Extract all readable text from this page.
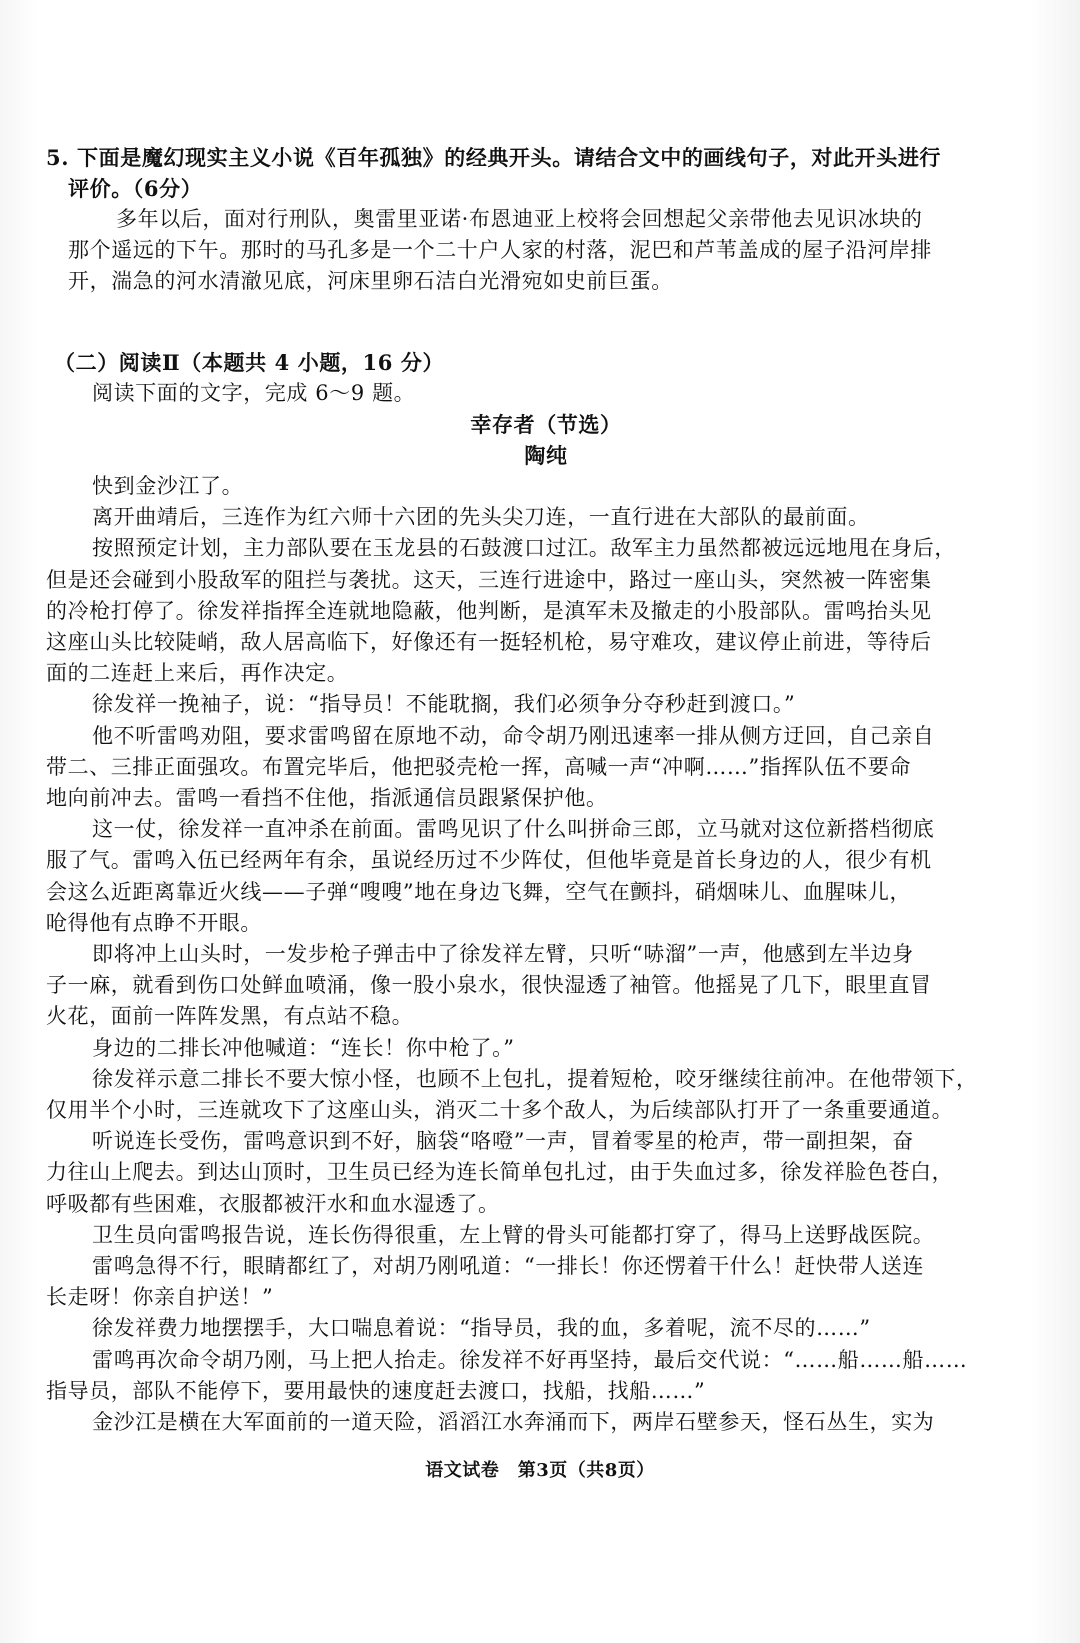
5. 下面是魔幻现实主义小说《百年孤独》的经典开头。请结合文中的画线句子，对此开头进行
评价。（6分）
多年以后，面对行刑队，奥雷里亚诺·布恩迪亚上校将会回想起父亲带他去见识冰块的
那个遥远的下午。那时的马孔多是一个二十户人家的村落，泥巴和芦苇盖成的屋子沿河岸排
开，湍急的河水清澈见底，河床里卵石洁白光滑宛如史前巨蛋。
（二）阅读Ⅱ（本题共 4 小题，16 分）
阅读下面的文字，完成 6～9 题。
幸存者（节选）
陶纯
快到金沙江了。
离开曲靖后，三连作为红六师十六团的先头尖刀连，一直行进在大部队的最前面。
按照预定计划，主力部队要在玉龙县的石鼓渡口过江。敌军主力虽然都被远远地甩在身后，
但是还会碰到小股敌军的阻拦与袭扰。这天，三连行进途中，路过一座山头，突然被一阵密集
的冷枪打停了。徐发祥指挥全连就地隐蔽，他判断，是滇军未及撤走的小股部队。雷鸣抬头见
这座山头比较陡峭，敌人居高临下，好像还有一挺轻机枪，易守难攻，建议停止前进，等待后
面的二连赶上来后，再作决定。
徐发祥一挽袖子，说：“指导员！不能耽搁，我们必须争分夺秒赶到渡口。”
他不听雷鸣劝阻，要求雷鸣留在原地不动，命令胡乃刚迅速率一排从侧方迂回，自己亲自
带二、三排正面强攻。布置完毕后，他把驳壳枪一挥，高喊一声“冲啊……”指挥队伍不要命
地向前冲去。雷鸣一看挡不住他，指派通信员跟紧保护他。
这一仗，徐发祥一直冲杀在前面。雷鸣见识了什么叫拼命三郎，立马就对这位新搭档彻底
服了气。雷鸣入伍已经两年有余，虽说经历过不少阵仗，但他毕竟是首长身边的人，很少有机
会这么近距离靠近火线——子弹“嗖嗖”地在身边飞舞，空气在颤抖，硝烟味儿、血腥味儿，
呛得他有点睁不开眼。
即将冲上山头时，一发步枪子弹击中了徐发祥左臂，只听“哧溜”一声，他感到左半边身
子一麻，就看到伤口处鲜血喷涌，像一股小泉水，很快湿透了袖管。他摇晃了几下，眼里直冒
火花，面前一阵阵发黑，有点站不稳。
身边的二排长冲他喊道：“连长！你中枪了。”
徐发祥示意二排长不要大惊小怪，也顾不上包扎，提着短枪，咬牙继续往前冲。在他带领下，
仅用半个小时，三连就攻下了这座山头，消灭二十多个敌人，为后续部队打开了一条重要通道。
听说连长受伤，雷鸣意识到不好，脑袋“咯噔”一声，冒着零星的枪声，带一副担架，奋
力往山上爬去。到达山顶时，卫生员已经为连长简单包扎过，由于失血过多，徐发祥脸色苍白，
呼吸都有些困难，衣服都被汗水和血水湿透了。
卫生员向雷鸣报告说，连长伤得很重，左上臂的骨头可能都打穿了，得马上送野战医院。
雷鸣急得不行，眼睛都红了，对胡乃刚吼道：“一排长！你还愣着干什么！赶快带人送连
长走呀！你亲自护送！”
徐发祥费力地摆摆手，大口喘息着说：“指导员，我的血，多着呢，流不尽的……”
雷鸣再次命令胡乃刚，马上把人抬走。徐发祥不好再坚持，最后交代说：“……船……船……
指导员，部队不能停下，要用最快的速度赶去渡口，找船，找船……”
金沙江是横在大军面前的一道天险，滔滔江水奔涌而下，两岸石壁参天，怪石丛生，实为
语文试卷　第3页（共8页）
